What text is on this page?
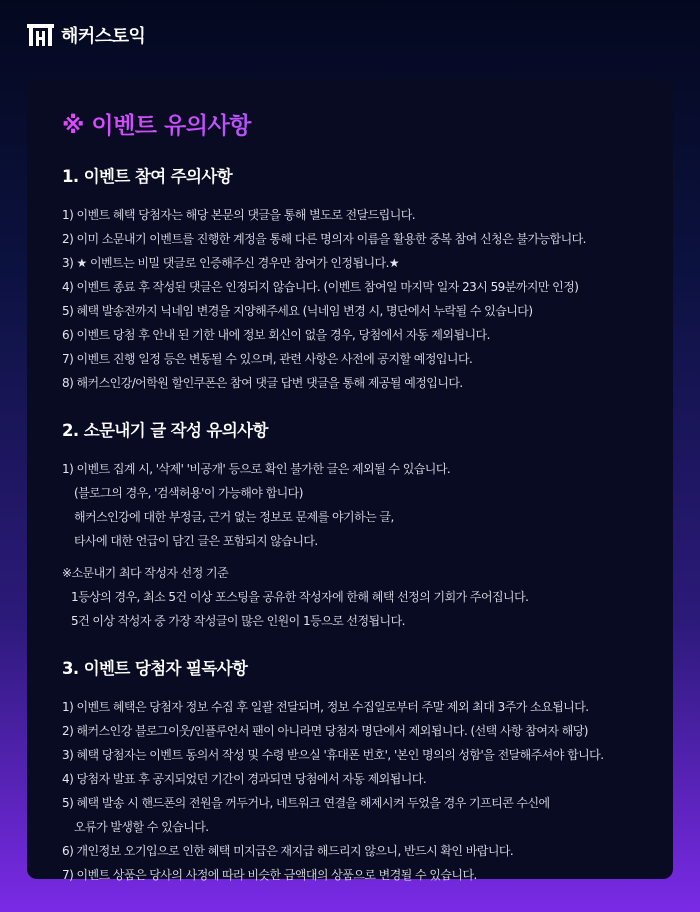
해커스토익
※ 이벤트 유의사항
1. 이벤트 참여 주의사항
1) 이벤트 혜택 당첨자는 해당 본문의 댓글을 통해 별도로 전달드립니다.
2) 이미 소문내기 이벤트를 진행한 계정을 통해 다른 명의자 이름을 활용한 중복 참여 신청은 불가능합니다.
3) ★ 이벤트는 비밀 댓글로 인증해주신 경우만 참여가 인정됩니다.★
4) 이벤트 종료 후 작성된 댓글은 인정되지 않습니다. (이벤트 참여일 마지막 일자 23시 59분까지만 인정)
5) 혜택 발송전까지 닉네임 변경을 지양해주세요 (닉네임 변경 시, 명단에서 누락될 수 있습니다)
6) 이벤트 당첨 후 안내 된 기한 내에 정보 회신이 없을 경우, 당첨에서 자동 제외됩니다.
7) 이벤트 진행 일정 등은 변동될 수 있으며, 관련 사항은 사전에 공지할 예정입니다.
8) 해커스인강/어학원 할인쿠폰은 참여 댓글 답변 댓글을 통해 제공될 예정입니다.
2. 소문내기 글 작성 유의사항
1) 이벤트 집계 시, '삭제' '비공개' 등으로 확인 불가한 글은 제외될 수 있습니다.
(블로그의 경우, '검색허용'이 가능해야 합니다)
해커스인강에 대한 부정글, 근거 없는 정보로 문제를 야기하는 글,
타사에 대한 언급이 담긴 글은 포함되지 않습니다.
※소문내기 최다 작성자 선정 기준
1등상의 경우, 최소 5건 이상 포스팅을 공유한 작성자에 한해 혜택 선정의 기회가 주어집니다.
5건 이상 작성자 중 가장 작성글이 많은 인원이 1등으로 선정됩니다.
3. 이벤트 당첨자 필독사항
1) 이벤트 혜택은 당첨자 정보 수집 후 일괄 전달되며, 정보 수집일로부터 주말 제외 최대 3주가 소요됩니다.
2) 해커스인강 블로그이웃/인플루언서 팬이 아니라면 당첨자 명단에서 제외됩니다. (선택 사항 참여자 해당)
3) 혜택 당첨자는 이벤트 동의서 작성 및 수령 받으실 '휴대폰 번호', '본인 명의의 성함'을 전달해주셔야 합니다.
4) 당첨자 발표 후 공지되었던 기간이 경과되면 당첨에서 자동 제외됩니다.
5) 혜택 발송 시 핸드폰의 전원을 꺼두거나, 네트워크 연결을 해제시켜 두었을 경우 기프티콘 수신에
오류가 발생할 수 있습니다.
6) 개인정보 오기입으로 인한 혜택 미지급은 재지급 해드리지 않으니, 반드시 확인 바랍니다.
7) 이벤트 상품은 당사의 사정에 따라 비슷한 금액대의 상품으로 변경될 수 있습니다.
